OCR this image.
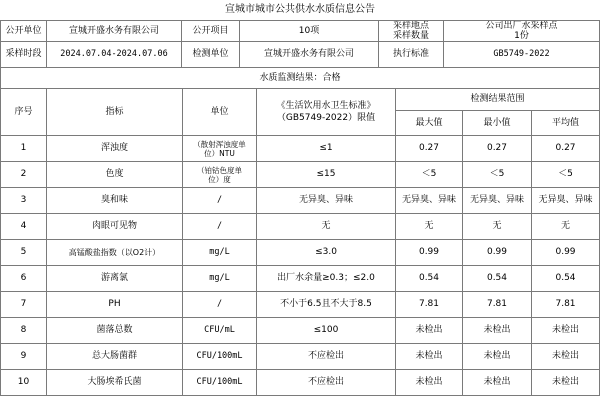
宣城市城市公共供水水质信息公告
公开单位	宣城开盛水务有限公司	公开项目	10项	采样地点
采样数量	公司出厂水采样点
1份
采样时段	2024.07.04-2024.07.06	检测单位	宣城开盛水务有限公司	执行标准	GB5749-2022
水质监测结果：合格					
序号	指标	单位	《生活饮用水卫生标准》
（GB5749-2022）限值	检测结果范围		
				最大值	最小值	平均值
1	浑浊度	（散射浑浊度单
位）NTU	≤1	0.27	0.27	0.27
2	色度	（铂钴色度单
位）度	≤15	＜5	＜5	＜5
3	臭和味	/	无异臭、异味	无异臭、异味	无异臭、异味	无异臭、异味
4	肉眼可见物	/	无	无	无	无
5	高锰酸盐指数（以O2计）	mg/L	≤3.0	0.99	0.99	0.99
6	游离氯	mg/L	出厂水余量≥0.3；≤2.0	0.54	0.54	0.54
7	PH	/	不小于6.5且不大于8.5	7.81	7.81	7.81
8	菌落总数	CFU/mL	≤100	未检出	未检出	未检出
9	总大肠菌群	CFU/100mL	不应检出	未检出	未检出	未检出
10	大肠埃希氏菌	CFU/100mL	不应检出	未检出	未检出	未检出
